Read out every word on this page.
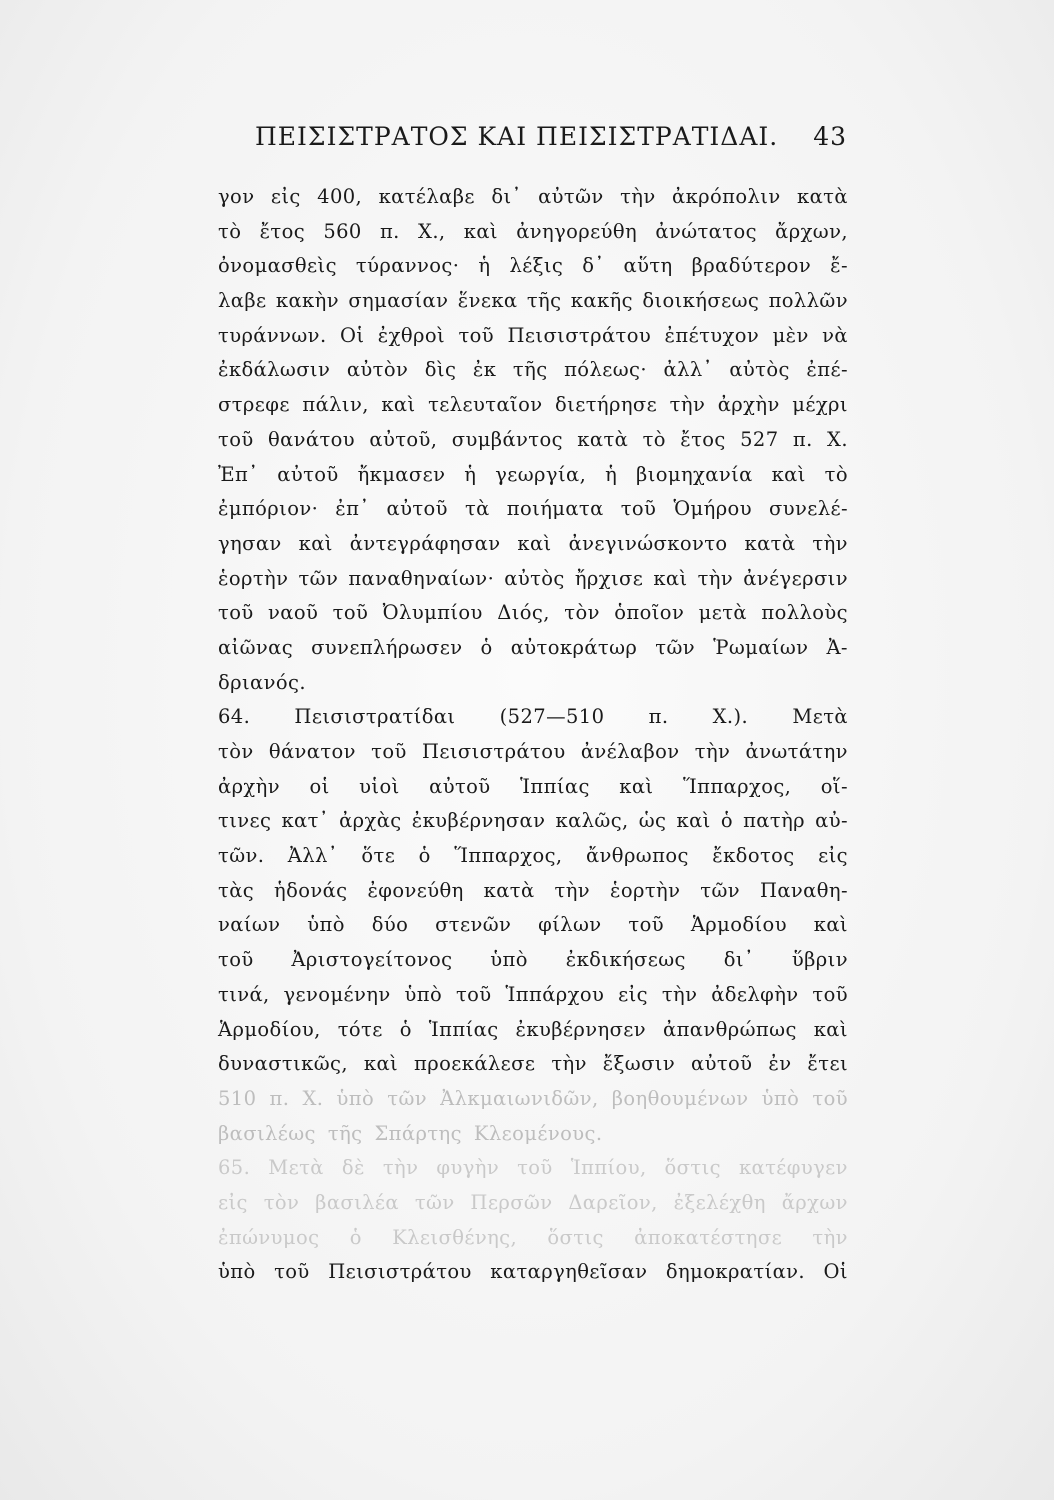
ΠΕΙΣΙΣΤΡΑΤΟΣ ΚΑΙ ΠΕΙΣΙΣΤΡΑΤΙΔΑΙ. 43
γον εἰς 400, κατέλαβε δι᾿ αὐτῶν τὴν ἀκρόπολιν κατὰ
τὸ ἔτος 560 π. Χ., καὶ ἀνηγορεύθη ἀνώτατος ἄρχων,
ὀνομασθεὶς τύραννος· ἡ λέξις δ᾿ αὕτη βραδύτερον ἔ-
λαβε κακὴν σημασίαν ἕνεκα τῆς κακῆς διοικήσεως πολλῶν
τυράννων. Οἱ ἐχθροὶ τοῦ Πεισιστράτου ἐπέτυχον μὲν νὰ
ἐκδάλωσιν αὐτὸν δὶς ἐκ τῆς πόλεως· ἀλλ᾿ αὐτὸς ἐπέ-
στρεφε πάλιν, καὶ τελευταῖον διετήρησε τὴν ἀρχὴν μέχρι
τοῦ θανάτου αὐτοῦ, συμβάντος κατὰ τὸ ἔτος 527 π. Χ.
Ἐπ᾿ αὐτοῦ ἤκμασεν ἡ γεωργία, ἡ βιομηχανία καὶ τὸ
ἐμπόριον· ἐπ᾿ αὐτοῦ τὰ ποιήματα τοῦ Ὁμήρου συνελέ-
γησαν καὶ ἀντεγράφησαν καὶ ἀνεγινώσκοντο κατὰ τὴν
ἑορτὴν τῶν παναθηναίων· αὐτὸς ἤρχισε καὶ τὴν ἀνέγερσιν
τοῦ ναοῦ τοῦ Ὀλυμπίου Διός, τὸν ὁποῖον μετὰ πολλοὺς
αἰῶνας συνεπλήρωσεν ὁ αὐτοκράτωρ τῶν Ῥωμαίων Ἀ-
δριανός.
64. Πεισιστρατίδαι (527—510 π. Χ.). Μετὰ
τὸν θάνατον τοῦ Πεισιστράτου ἀνέλαβον τὴν ἀνωτάτην
ἀρχὴν οἱ υἱοὶ αὐτοῦ Ἱππίας καὶ Ἵππαρχος, οἵ-
τινες κατ᾿ ἀρχὰς ἐκυβέρνησαν καλῶς, ὡς καὶ ὁ πατὴρ αὐ-
τῶν. Ἀλλ᾿ ὅτε ὁ Ἵππαρχος, ἄνθρωπος ἔκδοτος εἰς
τὰς ἡδονάς ἐφονεύθη κατὰ τὴν ἑορτὴν τῶν Παναθη-
ναίων ὑπὸ δύο στενῶν φίλων τοῦ Ἁρμοδίου καὶ
τοῦ Ἀριστογείτονος ὑπὸ ἐκδικήσεως δι᾿ ὕβριν
τινά, γενομένην ὑπὸ τοῦ Ἱππάρχου εἰς τὴν ἀδελφὴν τοῦ
Ἁρμοδίου, τότε ὁ Ἱππίας ἐκυβέρνησεν ἀπανθρώπως καὶ
δυναστικῶς, καὶ προεκάλεσε τὴν ἔξωσιν αὐτοῦ ἐν ἔτει
510 π. Χ. ὑπὸ τῶν Ἀλκμαιωνιδῶν, βοηθουμένων ὑπὸ τοῦ
βασιλέως τῆς Σπάρτης Κλεομένους.
65. Μετὰ δὲ τὴν φυγὴν τοῦ Ἱππίου, ὅστις κατέφυγεν
εἰς τὸν βασιλέα τῶν Περσῶν Δαρεῖον, ἐξελέχθη ἄρχων
ἐπώνυμος ὁ Κλεισθένης, ὅστις ἀποκατέστησε τὴν
ὑπὸ τοῦ Πεισιστράτου καταργηθεῖσαν δημοκρατίαν. Οἱ
